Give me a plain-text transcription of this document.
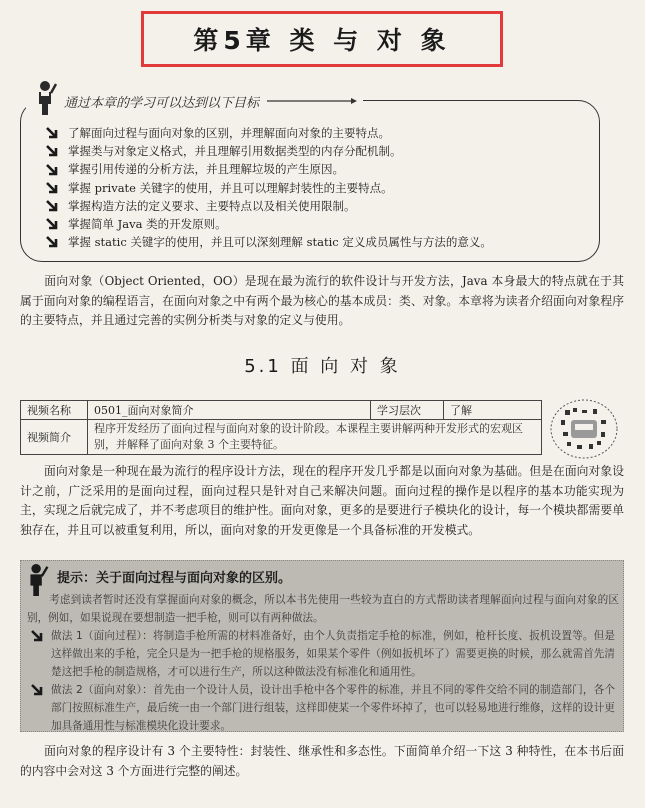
第5章 类 与 对 象
通过本章的学习可以达到以下目标
了解面向过程与面向对象的区别，并理解面向对象的主要特点。
掌握类与对象定义格式，并且理解引用数据类型的内存分配机制。
掌握引用传递的分析方法，并且理解垃圾的产生原因。
掌握 private 关键字的使用，并且可以理解封装性的主要特点。
掌握构造方法的定义要求、主要特点以及相关使用限制。
掌握简单 Java 类的开发原则。
掌握 static 关键字的使用，并且可以深刻理解 static 定义成员属性与方法的意义。

面向对象（Object Oriented，OO）是现在最为流行的软件设计与开发方法，Java 本身最大的特点就在于其属于面向对象的编程语言，在面向对象之中有两个最为核心的基本成员：类、对象。本章将为读者介绍面向对象程序的主要特点，并且通过完善的实例分析类与对象的定义与使用。

5.1 面 向 对 象
视频名称	0501_面向对象简介	学习层次	了解
视频简介	程序开发经历了面向过程与面向对象的设计阶段。本课程主要讲解两种开发形式的宏观区别，并解释了面向对象 3 个主要特征。		

面向对象是一种现在最为流行的程序设计方法，现在的程序开发几乎都是以面向对象为基础。但是在面向对象设计之前，广泛采用的是面向过程，面向过程只是针对自己来解决问题。面向过程的操作是以程序的基本功能实现为主，实现之后就完成了，并不考虑项目的维护性。面向对象，更多的是要进行子模块化的设计，每一个模块都需要单独存在，并且可以被重复利用，所以，面向对象的开发更像是一个具备标准的开发模式。

提示：关于面向过程与面向对象的区别。

考虑到读者暂时还没有掌握面向对象的概念，所以本书先使用一些较为直白的方式帮助读者理解面向过程与面向对象的区别，例如，如果说现在要想制造一把手枪，则可以有两种做法。

做法 1（面向过程）：将制造手枪所需的材料准备好，由个人负责指定手枪的标准，例如，枪杆长度、扳机设置等。但是这样做出来的手枪，完全只是为一把手枪的规格服务，如果某个零件（例如扳机坏了）需要更换的时候，那么就需首先清楚这把手枪的制造规格，才可以进行生产，所以这种做法没有标准化和通用性。

做法 2（面向对象）：首先由一个设计人员，设计出手枪中各个零件的标准，并且不同的零件交给不同的制造部门，各个部门按照标准生产，最后统一由一个部门进行组装，这样即使某一个零件坏掉了，也可以轻易地进行维修，这样的设计更加具备通用性与标准模块化设计要求。

面向对象的程序设计有 3 个主要特性：封装性、继承性和多态性。下面简单介绍一下这 3 种特性，在本书后面的内容中会对这 3 个方面进行完整的阐述。
